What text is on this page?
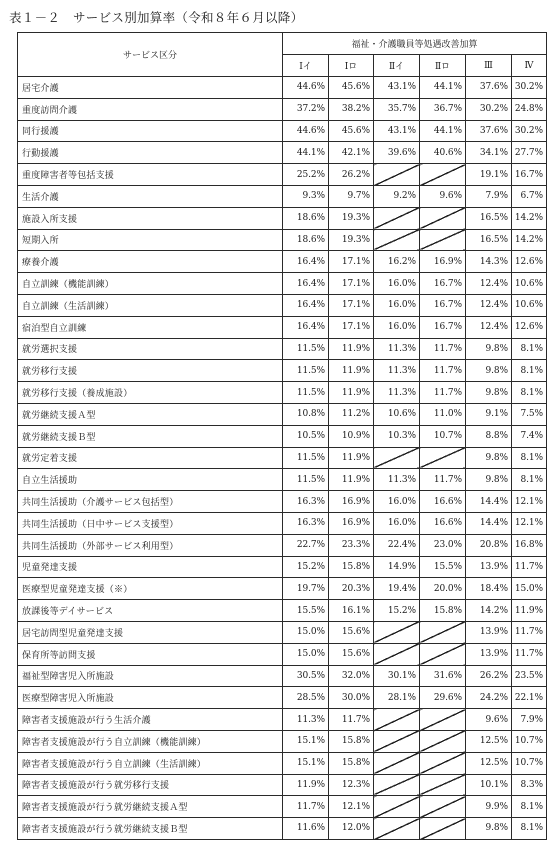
表１－２　サービス別加算率（令和８年６月以降）
サービス区分	福祉・介護職員等処遇改善加算					
	Ⅰイ	Ⅰロ	Ⅱイ	Ⅱロ	Ⅲ	Ⅳ
居宅介護	44.6%	45.6%	43.1%	44.1%	37.6%	30.2%
重度訪問介護	37.2%	38.2%	35.7%	36.7%	30.2%	24.8%
同行援護	44.6%	45.6%	43.1%	44.1%	37.6%	30.2%
行動援護	44.1%	42.1%	39.6%	40.6%	34.1%	27.7%
重度障害者等包括支援	25.2%	26.2%			19.1%	16.7%
生活介護	9.3%	9.7%	9.2%	9.6%	7.9%	6.7%
施設入所支援	18.6%	19.3%			16.5%	14.2%
短期入所	18.6%	19.3%			16.5%	14.2%
療養介護	16.4%	17.1%	16.2%	16.9%	14.3%	12.6%
自立訓練（機能訓練）	16.4%	17.1%	16.0%	16.7%	12.4%	10.6%
自立訓練（生活訓練）	16.4%	17.1%	16.0%	16.7%	12.4%	10.6%
宿泊型自立訓練	16.4%	17.1%	16.0%	16.7%	12.4%	12.6%
就労選択支援	11.5%	11.9%	11.3%	11.7%	9.8%	8.1%
就労移行支援	11.5%	11.9%	11.3%	11.7%	9.8%	8.1%
就労移行支援（養成施設）	11.5%	11.9%	11.3%	11.7%	9.8%	8.1%
就労継続支援Ａ型	10.8%	11.2%	10.6%	11.0%	9.1%	7.5%
就労継続支援Ｂ型	10.5%	10.9%	10.3%	10.7%	8.8%	7.4%
就労定着支援	11.5%	11.9%			9.8%	8.1%
自立生活援助	11.5%	11.9%	11.3%	11.7%	9.8%	8.1%
共同生活援助（介護サービス包括型）	16.3%	16.9%	16.0%	16.6%	14.4%	12.1%
共同生活援助（日中サービス支援型）	16.3%	16.9%	16.0%	16.6%	14.4%	12.1%
共同生活援助（外部サービス利用型）	22.7%	23.3%	22.4%	23.0%	20.8%	16.8%
児童発達支援	15.2%	15.8%	14.9%	15.5%	13.9%	11.7%
医療型児童発達支援（※）	19.7%	20.3%	19.4%	20.0%	18.4%	15.0%
放課後等デイサービス	15.5%	16.1%	15.2%	15.8%	14.2%	11.9%
居宅訪問型児童発達支援	15.0%	15.6%			13.9%	11.7%
保育所等訪問支援	15.0%	15.6%			13.9%	11.7%
福祉型障害児入所施設	30.5%	32.0%	30.1%	31.6%	26.2%	23.5%
医療型障害児入所施設	28.5%	30.0%	28.1%	29.6%	24.2%	22.1%
障害者支援施設が行う生活介護	11.3%	11.7%			9.6%	7.9%
障害者支援施設が行う自立訓練（機能訓練）	15.1%	15.8%			12.5%	10.7%
障害者支援施設が行う自立訓練（生活訓練）	15.1%	15.8%			12.5%	10.7%
障害者支援施設が行う就労移行支援	11.9%	12.3%			10.1%	8.3%
障害者支援施設が行う就労継続支援Ａ型	11.7%	12.1%			9.9%	8.1%
障害者支援施設が行う就労継続支援Ｂ型	11.6%	12.0%			9.8%	8.1%
